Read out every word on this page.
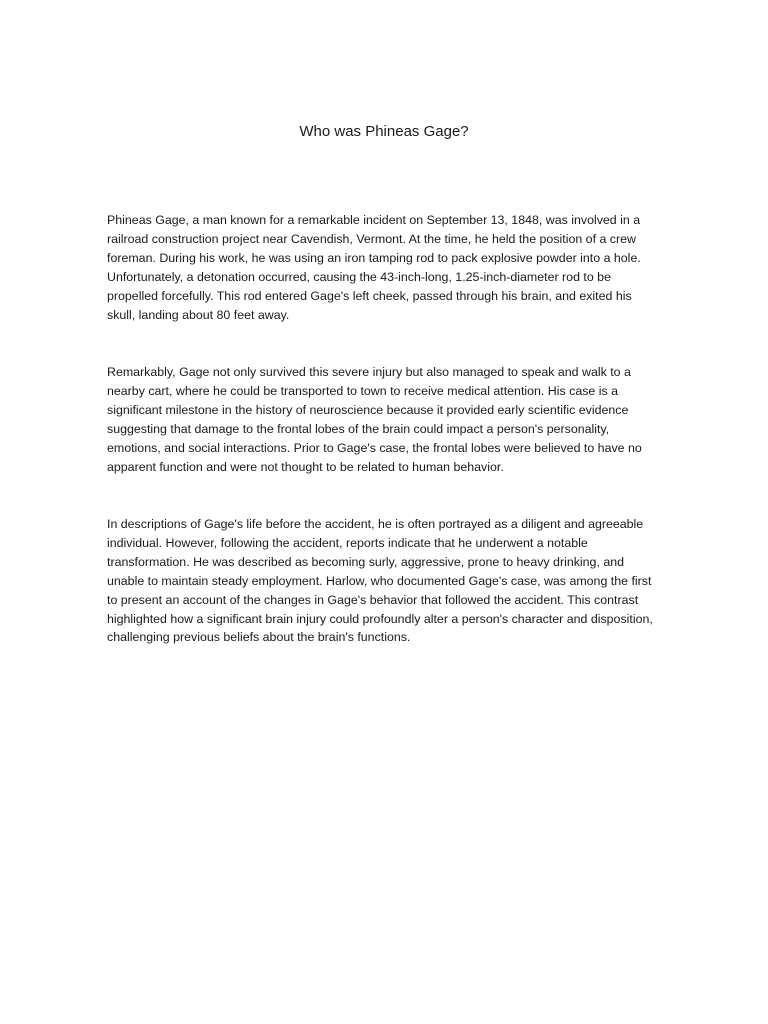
Who was Phineas Gage?

Phineas Gage, a man known for a remarkable incident on September 13, 1848, was involved in a railroad construction project near Cavendish, Vermont. At the time, he held the position of a crew foreman. During his work, he was using an iron tamping rod to pack explosive powder into a hole. Unfortunately, a detonation occurred, causing the 43-inch-long, 1.25-inch-diameter rod to be propelled forcefully. This rod entered Gage's left cheek, passed through his brain, and exited his skull, landing about 80 feet away.

Remarkably, Gage not only survived this severe injury but also managed to speak and walk to a nearby cart, where he could be transported to town to receive medical attention. His case is a significant milestone in the history of neuroscience because it provided early scientific evidence suggesting that damage to the frontal lobes of the brain could impact a person's personality, emotions, and social interactions. Prior to Gage's case, the frontal lobes were believed to have no apparent function and were not thought to be related to human behavior.

In descriptions of Gage's life before the accident, he is often portrayed as a diligent and agreeable individual. However, following the accident, reports indicate that he underwent a notable transformation. He was described as becoming surly, aggressive, prone to heavy drinking, and unable to maintain steady employment. Harlow, who documented Gage's case, was among the first to present an account of the changes in Gage's behavior that followed the accident. This contrast highlighted how a significant brain injury could profoundly alter a person's character and disposition, challenging previous beliefs about the brain's functions.
